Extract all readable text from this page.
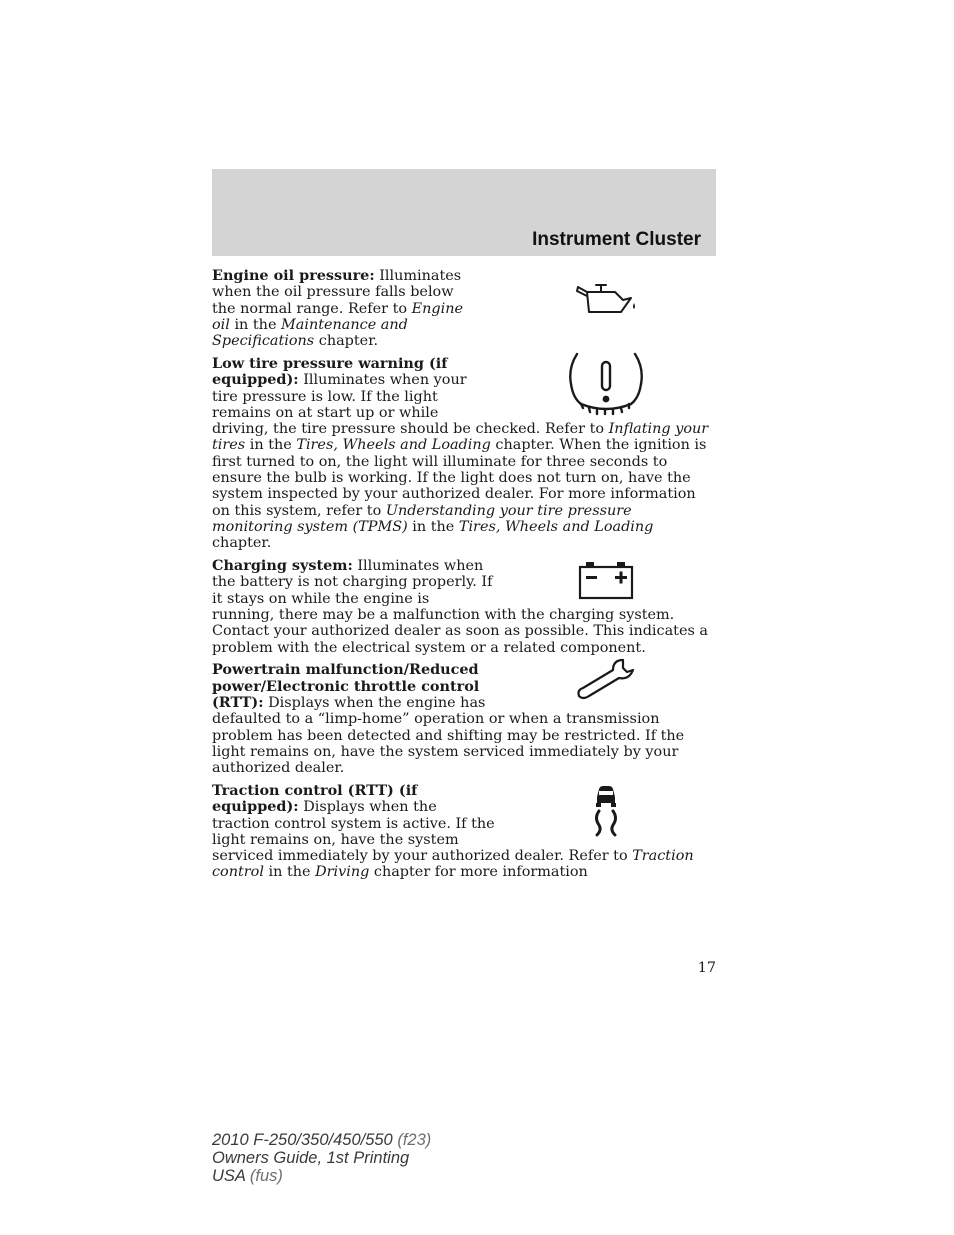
Instrument Cluster
Engine oil pressure: Illuminates when the oil pressure falls below the normal range. Refer to Engine oil in the Maintenance and Specifications chapter.
Low tire pressure warning (if equipped): Illuminates when your tire pressure is low. If the light remains on at start up or while driving, the tire pressure should be checked. Refer to Inflating your tires in the Tires, Wheels and Loading chapter. When the ignition is first turned to on, the light will illuminate for three seconds to ensure the bulb is working. If the light does not turn on, have the system inspected by your authorized dealer. For more information on this system, refer to Understanding your tire pressure monitoring system (TPMS) in the Tires, Wheels and Loading chapter.
Charging system: Illuminates when the battery is not charging properly. If it stays on while the engine is running, there may be a malfunction with the charging system. Contact your authorized dealer as soon as possible. This indicates a problem with the electrical system or a related component.
Powertrain malfunction/Reduced power/Electronic throttle control (RTT): Displays when the engine has defaulted to a “limp-home” operation or when a transmission problem has been detected and shifting may be restricted. If the light remains on, have the system serviced immediately by your authorized dealer.
Traction control (RTT) (if equipped): Displays when the traction control system is active. If the light remains on, have the system serviced immediately by your authorized dealer. Refer to Traction control in the Driving chapter for more information
17
2010 F-250/350/450/550 (f23)
Owners Guide, 1st Printing
USA (fus)
